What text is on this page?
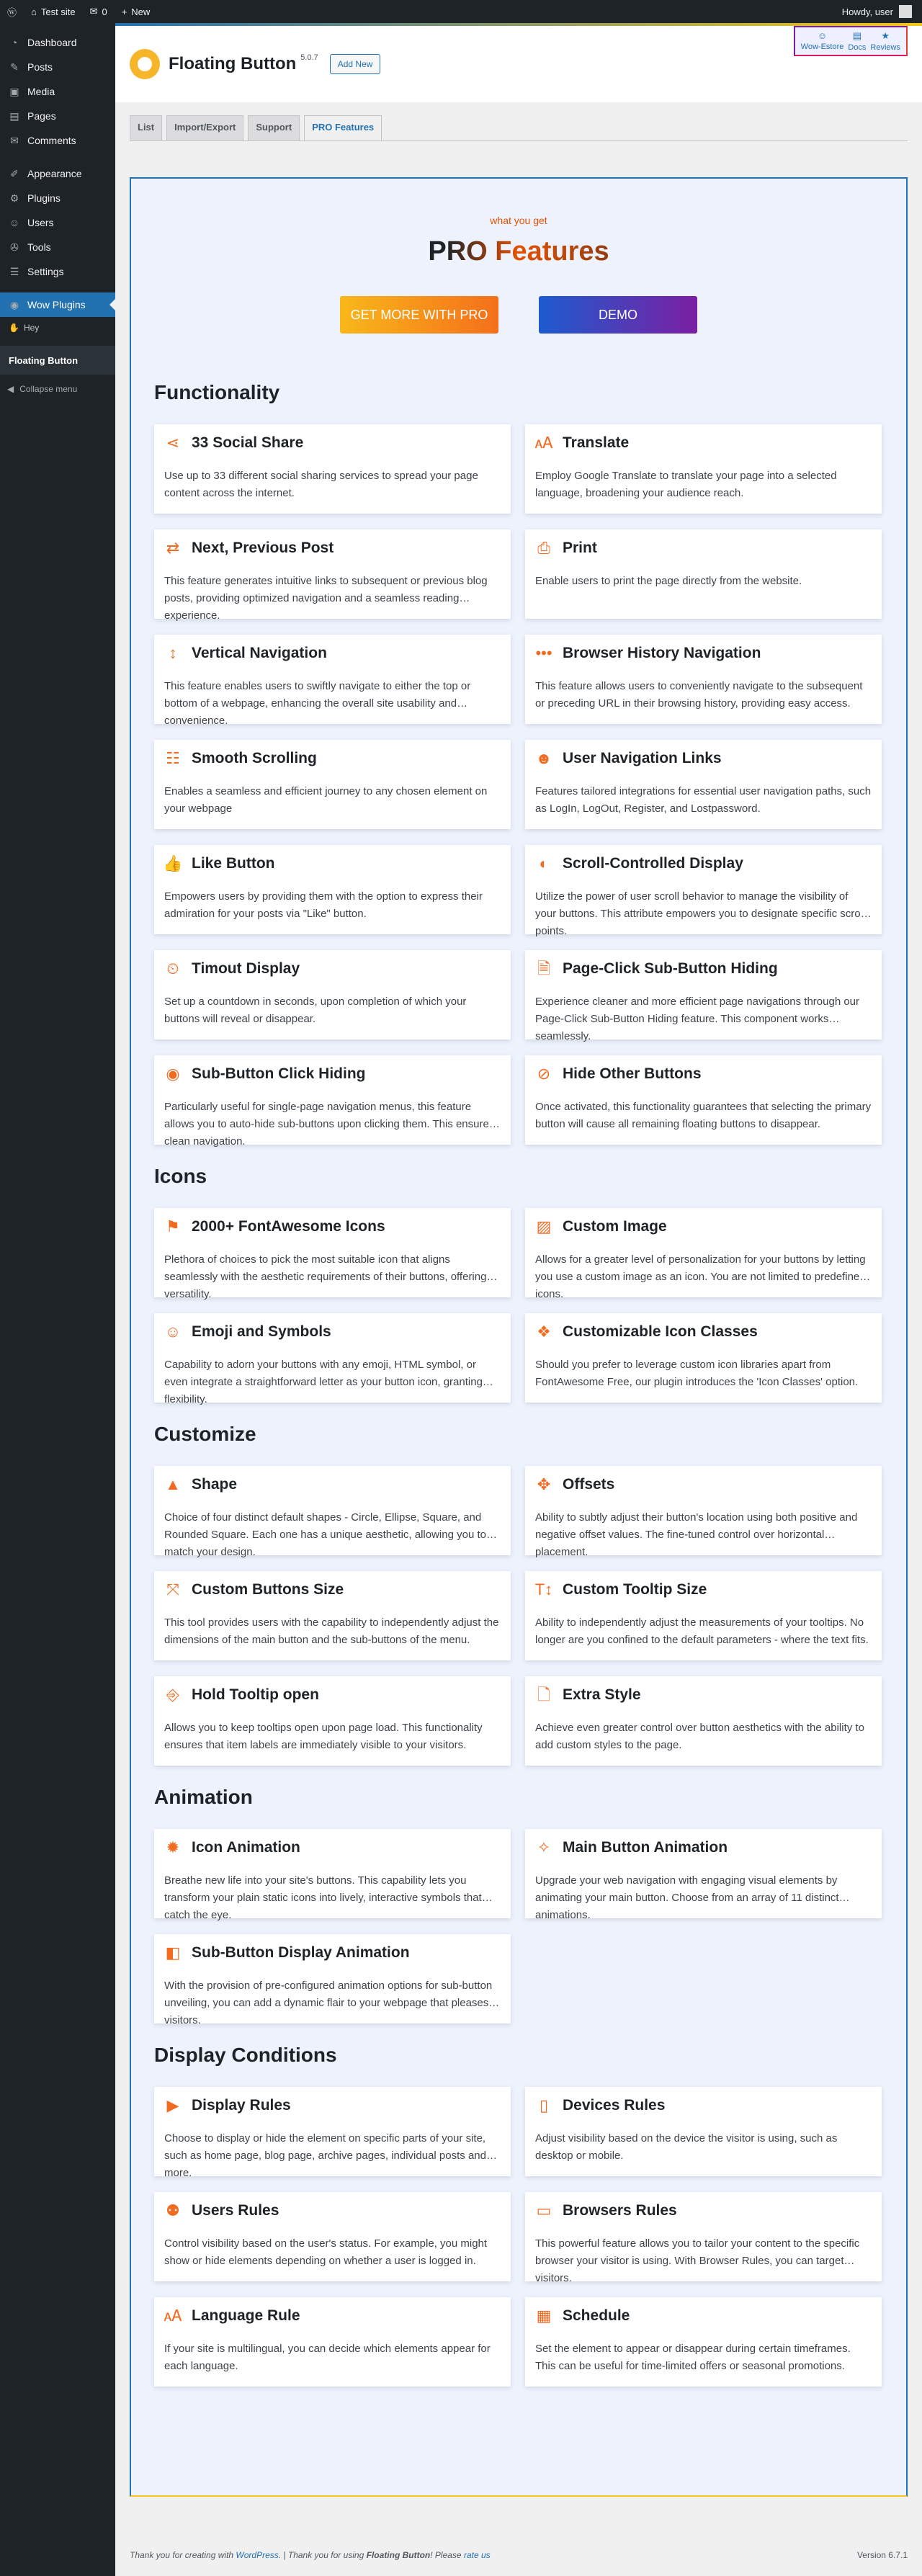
ⓦ	⌂ Test site ✉ 0 + New	Howdy, user
◔ Dashboard
✎ Posts
▣ Media
▤ Pages
✉ Comments
✐ Appearance
⚙ Plugins
☺ Users
✇ Tools
☰ Settings
◉ Wow Plugins
✋ Hey
Floating Button
◀ Collapse menu
Floating Button 5.0.7
Add New
☺
Wow-Estore
▤
Docs
★
Reviews
List	Import/Export	Support	PRO Features
what you get
PRO Features
GET MORE WITH PRO	DEMO
Functionality
⋖ 33 Social Share
Use up to 33 different social sharing services to spread your page content across the internet.
🗚 Translate
Employ Google Translate to translate your page into a selected language, broadening your audience reach.
⇄ Next, Previous Post
This feature generates intuitive links to subsequent or previous blog posts, providing optimized navigation and a seamless reading experience.
⎙ Print
Enable users to print the page directly from the website.
↕ Vertical Navigation
This feature enables users to swiftly navigate to either the top or bottom of a webpage, enhancing the overall site usability and convenience.
••• Browser History Navigation
This feature allows users to conveniently navigate to the subsequent or preceding URL in their browsing history, providing easy access.
☷ Smooth Scrolling
Enables a seamless and efficient journey to any chosen element on your webpage
☻ User Navigation Links
Features tailored integrations for essential user navigation paths, such as LogIn, LogOut, Register, and Lostpassword.
👍 Like Button
Empowers users by providing them with the option to express their admiration for your posts via "Like" button.
◐ Scroll-Controlled Display
Utilize the power of user scroll behavior to manage the visibility of your buttons. This attribute empowers you to designate specific scroll points.
⏲ Timout Display
Set up a countdown in seconds, upon completion of which your buttons will reveal or disappear.
🗎 Page-Click Sub-Button Hiding
Experience cleaner and more efficient page navigations through our Page-Click Sub-Button Hiding feature. This component works seamlessly.
◉ Sub-Button Click Hiding
Particularly useful for single-page navigation menus, this feature allows you to auto-hide sub-buttons upon clicking them. This ensures clean navigation.
⊘ Hide Other Buttons
Once activated, this functionality guarantees that selecting the primary button will cause all remaining floating buttons to disappear.
Icons
⚑ 2000+ FontAwesome Icons
Plethora of choices to pick the most suitable icon that aligns seamlessly with the aesthetic requirements of their buttons, offering versatility.
▨ Custom Image
Allows for a greater level of personalization for your buttons by letting you use a custom image as an icon. You are not limited to predefined icons.
☺ Emoji and Symbols
Capability to adorn your buttons with any emoji, HTML symbol, or even integrate a straightforward letter as your button icon, granting flexibility.
❖ Customizable Icon Classes
Should you prefer to leverage custom icon libraries apart from FontAwesome Free, our plugin introduces the 'Icon Classes' option.
Customize
▲ Shape
Choice of four distinct default shapes - Circle, Ellipse, Square, and Rounded Square. Each one has a unique aesthetic, allowing you to match your design.
✥ Offsets
Ability to subtly adjust their button's location using both positive and negative offset values. The fine-tuned control over horizontal placement.
⤧ Custom Buttons Size
This tool provides users with the capability to independently adjust the dimensions of the main button and the sub-buttons of the menu.
T↕ Custom Tooltip Size
Ability to independently adjust the measurements of your tooltips. No longer are you confined to the default parameters - where the text fits.
⎆ Hold Tooltip open
Allows you to keep tooltips open upon page load. This functionality ensures that item labels are immediately visible to your visitors.
🗋 Extra Style
Achieve even greater control over button aesthetics with the ability to add custom styles to the page.
Animation
✹ Icon Animation
Breathe new life into your site's buttons. This capability lets you transform your plain static icons into lively, interactive symbols that catch the eye.
✧ Main Button Animation
Upgrade your web navigation with engaging visual elements by animating your main button. Choose from an array of 11 distinct animations.
◧ Sub-Button Display Animation
With the provision of pre-configured animation options for sub-button unveiling, you can add a dynamic flair to your webpage that pleases visitors.
Display Conditions
▶ Display Rules
Choose to display or hide the element on specific parts of your site, such as home page, blog page, archive pages, individual posts and more.
▯ Devices Rules
Adjust visibility based on the device the visitor is using, such as desktop or mobile.
⚉ Users Rules
Control visibility based on the user's status. For example, you might show or hide elements depending on whether a user is logged in.
▭ Browsers Rules
This powerful feature allows you to tailor your content to the specific browser your visitor is using. With Browser Rules, you can target visitors.
🗚 Language Rule
If your site is multilingual, you can decide which elements appear for each language.
▦ Schedule
Set the element to appear or disappear during certain timeframes. This can be useful for time-limited offers or seasonal promotions.
Thank you for creating with WordPress. | Thank you for using Floating Button! Please rate us	Version 6.7.1
